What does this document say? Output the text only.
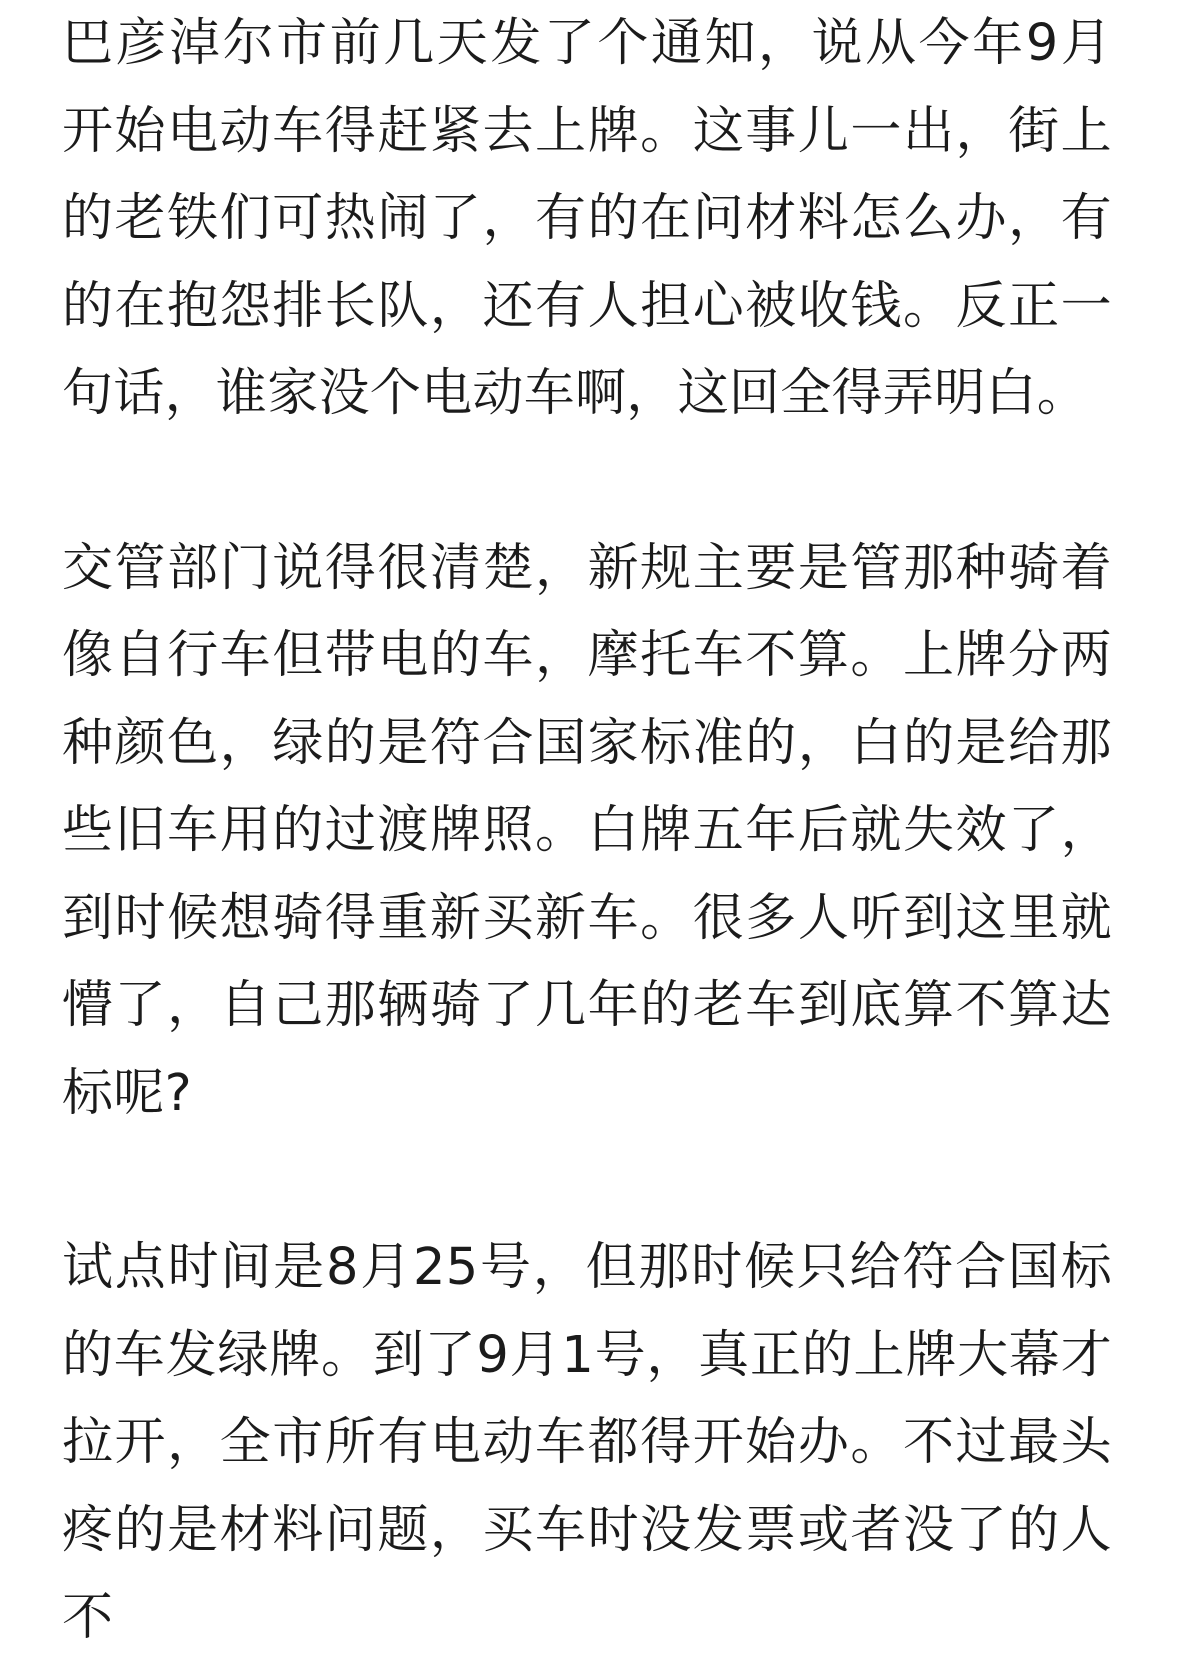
巴彦淖尔市前几天发了个通知，说从今年9月开始电动车得赶紧去上牌。这事儿一出，街上的老铁们可热闹了，有的在问材料怎么办，有的在抱怨排长队，还有人担心被收钱。反正一句话，谁家没个电动车啊，这回全得弄明白。

交管部门说得很清楚，新规主要是管那种骑着像自行车但带电的车，摩托车不算。上牌分两种颜色，绿的是符合国家标准的，白的是给那些旧车用的过渡牌照。白牌五年后就失效了，到时候想骑得重新买新车。很多人听到这里就懵了，自己那辆骑了几年的老车到底算不算达标呢?

试点时间是8月25号，但那时候只给符合国标的车发绿牌。到了9月1号，真正的上牌大幕才拉开，全市所有电动车都得开始办。不过最头疼的是材料问题，买车时没发票或者没了的人不
